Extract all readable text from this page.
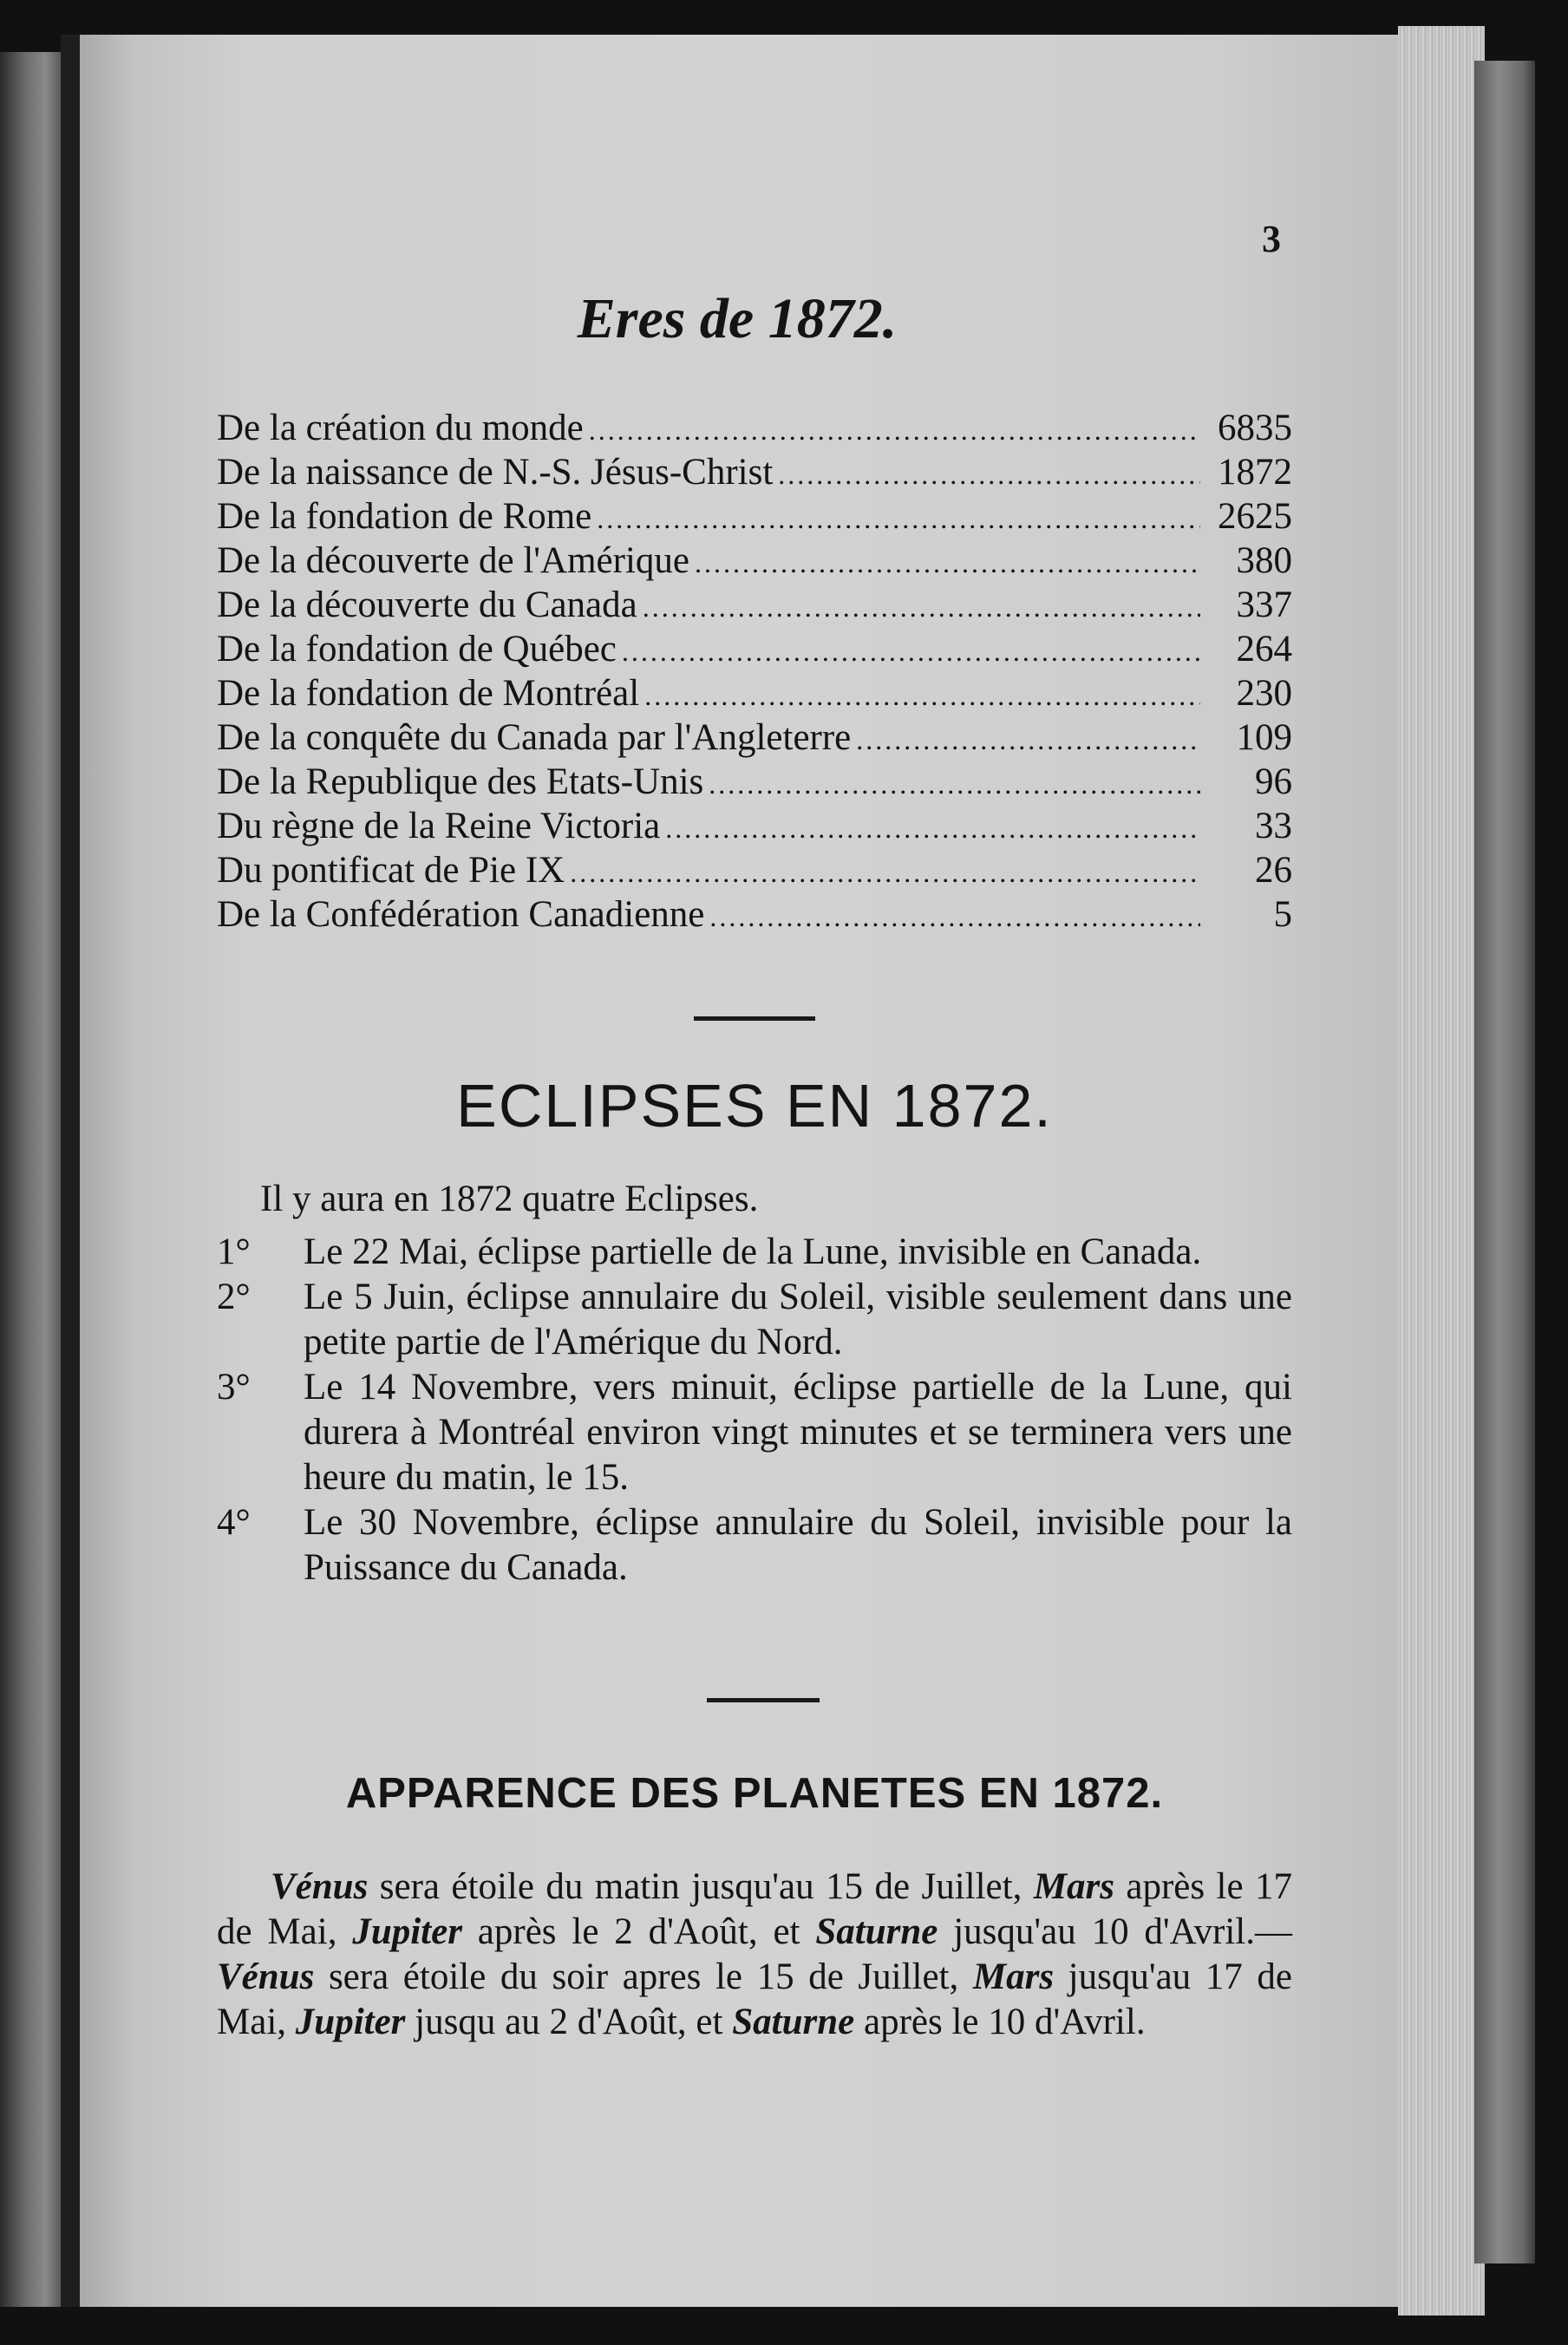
3
Eres de 1872.
De la création du monde .....	6835
De la naissance de N.-S. Jésus-Christ .....	1872
De la fondation de Rome .....	2625
De la découverte de l'Amérique .....	380
De la découverte du Canada .....	337
De la fondation de Québec .....	264
De la fondation de Montréal .....	230
De la conquête du Canada par l'Angleterre .....	109
De la Republique des Etats-Unis .....	96
Du règne de la Reine Victoria .....	33
Du pontificat de Pie IX .....	26
De la Confédération Canadienne .....	5
ECLIPSES EN 1872.
Il y aura en 1872 quatre Eclipses.
1° Le 22 Mai, éclipse partielle de la Lune, invisible en Canada.
2° Le 5 Juin, éclipse annulaire du Soleil, visible seulement dans une petite partie de l'Amérique du Nord.
3° Le 14 Novembre, vers minuit, éclipse partielle de la Lune, qui durera à Montréal environ vingt minutes et se terminera vers une heure du matin, le 15.
4° Le 30 Novembre, éclipse annulaire du Soleil, invisible pour la Puissance du Canada.
APPARENCE DES PLANETES EN 1872.
Vénus sera étoile du matin jusqu'au 15 de Juillet, Mars après le 17 de Mai, Jupiter après le 2 d'Août, et Saturne jusqu'au 10 d'Avril.—Vénus sera étoile du soir apres le 15 de Juillet, Mars jusqu'au 17 de Mai, Jupiter jusqu au 2 d'Août, et Saturne après le 10 d'Avril.
